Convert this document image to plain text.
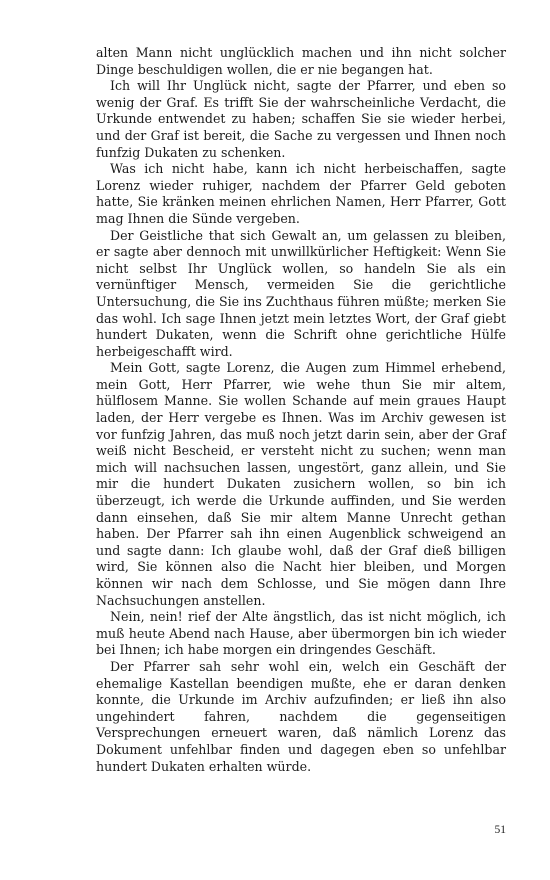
alten Mann nicht unglücklich machen und ihn nicht solcher Dinge beschuldigen wollen, die er nie begangen hat.

Ich will Ihr Unglück nicht, sagte der Pfarrer, und eben so wenig der Graf. Es trifft Sie der wahrscheinliche Verdacht, die Urkunde entwendet zu haben; schaffen Sie sie wieder herbei, und der Graf ist bereit, die Sache zu vergessen und Ihnen noch funfzig Dukaten zu schenken.

Was ich nicht habe, kann ich nicht herbeischaffen, sagte Lorenz wieder ruhiger, nachdem der Pfarrer Geld geboten hatte, Sie kränken meinen ehrlichen Namen, Herr Pfarrer, Gott mag Ihnen die Sünde vergeben.

Der Geistliche that sich Gewalt an, um gelassen zu bleiben, er sagte aber dennoch mit unwillkürlicher Heftigkeit: Wenn Sie nicht selbst Ihr Unglück wollen, so handeln Sie als ein vernünftiger Mensch, vermeiden Sie die gerichtliche Untersuchung, die Sie ins Zuchthaus führen müßte; merken Sie das wohl. Ich sage Ihnen jetzt mein letztes Wort, der Graf giebt hundert Dukaten, wenn die Schrift ohne gerichtliche Hülfe herbeigeschafft wird.

Mein Gott, sagte Lorenz, die Augen zum Himmel erhebend, mein Gott, Herr Pfarrer, wie wehe thun Sie mir altem, hülflosem Manne. Sie wollen Schande auf mein graues Haupt laden, der Herr vergebe es Ihnen. Was im Archiv gewesen ist vor funfzig Jahren, das muß noch jetzt darin sein, aber der Graf weiß nicht Bescheid, er versteht nicht zu suchen; wenn man mich will nachsuchen lassen, ungestört, ganz allein, und Sie mir die hundert Dukaten zusichern wollen, so bin ich überzeugt, ich werde die Urkunde auffinden, und Sie werden dann einsehen, daß Sie mir altem Manne Unrecht gethan haben. Der Pfarrer sah ihn einen Augenblick schweigend an und sagte dann: Ich glaube wohl, daß der Graf dieß billigen wird, Sie können also die Nacht hier bleiben, und Morgen können wir nach dem Schlosse, und Sie mögen dann Ihre Nachsuchungen anstellen.

Nein, nein! rief der Alte ängstlich, das ist nicht möglich, ich muß heute Abend nach Hause, aber übermorgen bin ich wieder bei Ihnen; ich habe morgen ein dringendes Geschäft.

Der Pfarrer sah sehr wohl ein, welch ein Geschäft der ehemalige Kastellan beendigen mußte, ehe er daran denken konnte, die Urkunde im Archiv aufzufinden; er ließ ihn also ungehindert fahren, nachdem die gegenseitigen Versprechungen erneuert waren, daß nämlich Lorenz das Dokument unfehlbar finden und dagegen eben so unfehlbar hundert Dukaten erhalten würde.

51
